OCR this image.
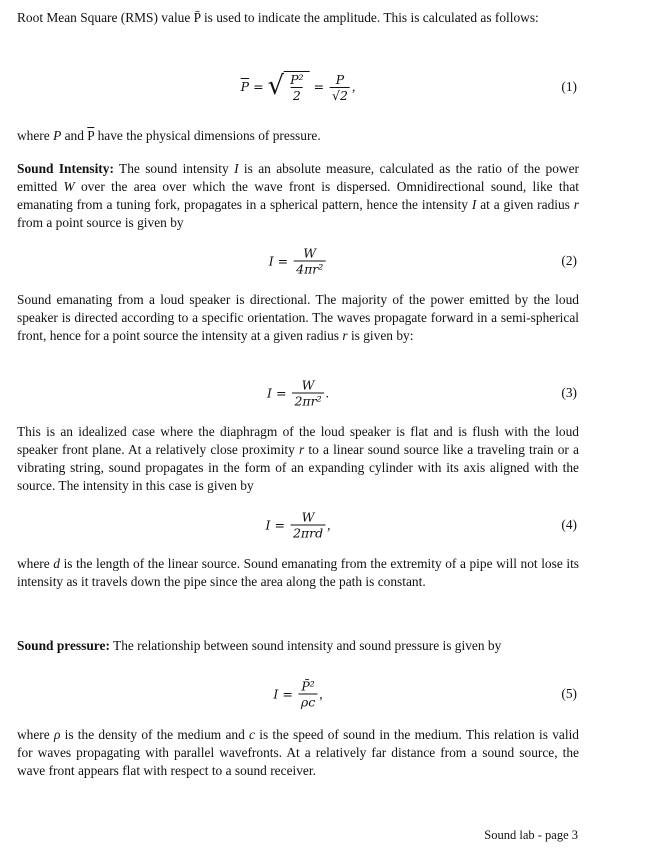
Root Mean Square (RMS) value P̄ is used to indicate the amplitude. This is calculated as follows:

$\overline{P}$ = √ $\frac{\text{P²}}{2} = \frac{P}{√2}$ ,	(1)

where P and $\overline{P}$ have the physical dimensions of pressure.

Sound Intensity: The sound intensity I is an absolute measure, calculated as the ratio of the power emitted W over the area over which the wave front is dispersed. Omnidirectional sound, like that emanating from a tuning fork, propagates in a spherical pattern, hence the intensity I at a given radius r from a point source is given by

$I = \frac{W}{\text{4πr²}}$	(2)

Sound emanating from a loud speaker is directional. The majority of the power emitted by the loud speaker is directed according to a specific orientation. The waves propagate forward in a semi-spherical front, hence for a point source the intensity at a given radius r is given by:

$I = \frac{W}{\text{2πr²}}$ .	(3)

This is an idealized case where the diaphragm of the loud speaker is flat and is flush with the loud speaker front plane. At a relatively close proximity r to a linear sound source like a traveling train or a vibrating string, sound propagates in the form of an expanding cylinder with its axis aligned with the source. The intensity in this case is given by

$I = \frac{W}{\text{2πrd}}$ ,	(4)

where d is the length of the linear source. Sound emanating from the extremity of a pipe will not lose its intensity as it travels down the pipe since the area along the path is constant.

Sound pressure: The relationship between sound intensity and sound pressure is given by

$I = \frac{\text{P̄²}}{\rho c}$ ,	(5)

where ρ is the density of the medium and c is the speed of sound in the medium. This relation is valid for waves propagating with parallel wavefronts. At a relatively far distance from a sound source, the wave front appears flat with respect to a sound receiver.

Sound lab - page 3
